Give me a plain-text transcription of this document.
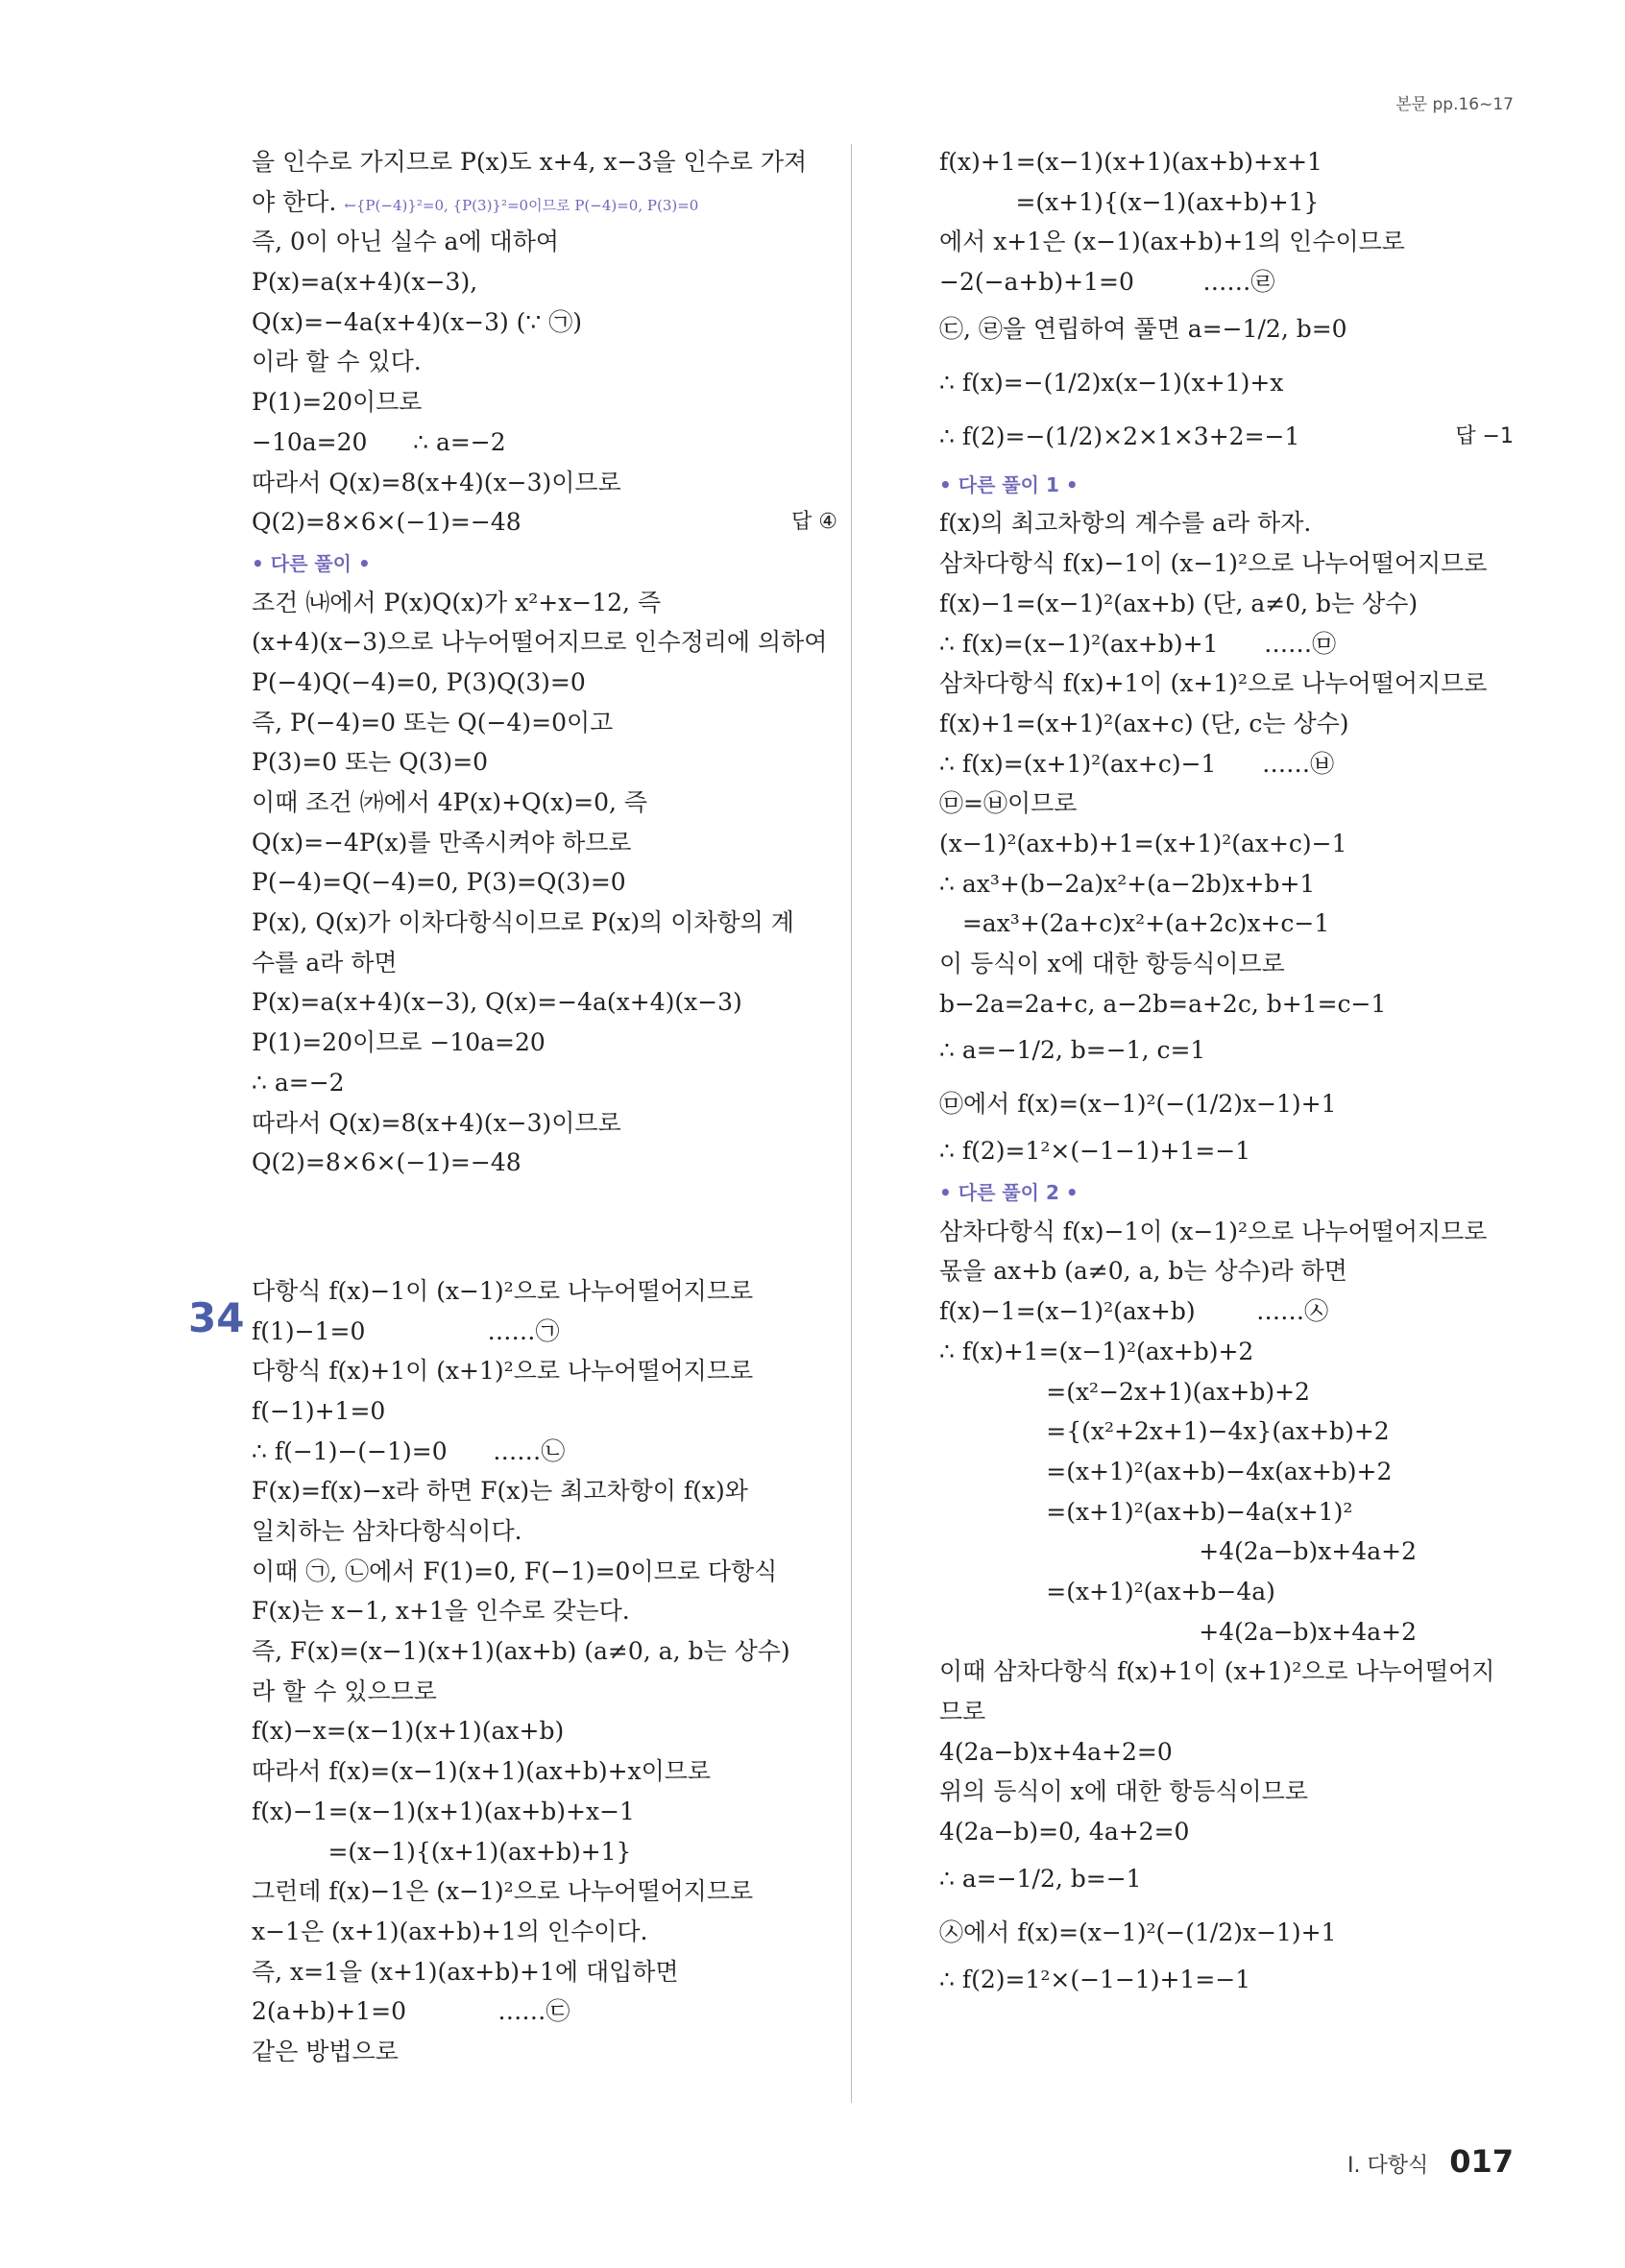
본문 pp.16~17
을 인수로 가지므로 P(x)도 x+4, x−3을 인수로 가져
야 한다. ←{P(−4)}²=0, {P(3)}²=0이므로 P(−4)=0, P(3)=0
즉, 0이 아닌 실수 a에 대하여
P(x)=a(x+4)(x−3),
Q(x)=−4a(x+4)(x−3) (∵ ㉠)
이라 할 수 있다.
P(1)=20이므로
−10a=20      ∴ a=−2
따라서 Q(x)=8(x+4)(x−3)이므로
Q(2)=8×6×(−1)=−48	답 ④
• 다른 풀이 •
조건 ㈏에서 P(x)Q(x)가 x²+x−12, 즉
(x+4)(x−3)으로 나누어떨어지므로 인수정리에 의하여
P(−4)Q(−4)=0, P(3)Q(3)=0
즉, P(−4)=0 또는 Q(−4)=0이고
P(3)=0 또는 Q(3)=0
이때 조건 ㈎에서 4P(x)+Q(x)=0, 즉
Q(x)=−4P(x)를 만족시켜야 하므로
P(−4)=Q(−4)=0, P(3)=Q(3)=0
P(x), Q(x)가 이차다항식이므로 P(x)의 이차항의 계
수를 a라 하면
P(x)=a(x+4)(x−3), Q(x)=−4a(x+4)(x−3)
P(1)=20이므로 −10a=20
∴ a=−2
따라서 Q(x)=8(x+4)(x−3)이므로
Q(2)=8×6×(−1)=−48
다항식 f(x)−1이 (x−1)²으로 나누어떨어지므로
f(1)−1=0                ……㉠
다항식 f(x)+1이 (x+1)²으로 나누어떨어지므로
f(−1)+1=0
∴ f(−1)−(−1)=0      ……㉡
F(x)=f(x)−x라 하면 F(x)는 최고차항이 f(x)와
일치하는 삼차다항식이다.
이때 ㉠, ㉡에서 F(1)=0, F(−1)=0이므로 다항식
F(x)는 x−1, x+1을 인수로 갖는다.
즉, F(x)=(x−1)(x+1)(ax+b) (a≠0, a, b는 상수)
라 할 수 있으므로
f(x)−x=(x−1)(x+1)(ax+b)
따라서 f(x)=(x−1)(x+1)(ax+b)+x이므로
f(x)−1=(x−1)(x+1)(ax+b)+x−1
=(x−1){(x+1)(ax+b)+1}
그런데 f(x)−1은 (x−1)²으로 나누어떨어지므로
x−1은 (x+1)(ax+b)+1의 인수이다.
즉, x=1을 (x+1)(ax+b)+1에 대입하면
2(a+b)+1=0            ……㉢
같은 방법으로
34
f(x)+1=(x−1)(x+1)(ax+b)+x+1
=(x+1){(x−1)(ax+b)+1}
에서 x+1은 (x−1)(ax+b)+1의 인수이므로
−2(−a+b)+1=0         ……㉣
㉢, ㉣을 연립하여 풀면 a=−1/2, b=0
∴ f(x)=−(1/2)x(x−1)(x+1)+x
∴ f(2)=−(1/2)×2×1×3+2=−1	답 −1
• 다른 풀이 1 •
f(x)의 최고차항의 계수를 a라 하자.
삼차다항식 f(x)−1이 (x−1)²으로 나누어떨어지므로
f(x)−1=(x−1)²(ax+b) (단, a≠0, b는 상수)
∴ f(x)=(x−1)²(ax+b)+1      ……㉤
삼차다항식 f(x)+1이 (x+1)²으로 나누어떨어지므로
f(x)+1=(x+1)²(ax+c) (단, c는 상수)
∴ f(x)=(x+1)²(ax+c)−1      ……㉥
㉤=㉥이므로
(x−1)²(ax+b)+1=(x+1)²(ax+c)−1
∴ ax³+(b−2a)x²+(a−2b)x+b+1
=ax³+(2a+c)x²+(a+2c)x+c−1
이 등식이 x에 대한 항등식이므로
b−2a=2a+c, a−2b=a+2c, b+1=c−1
∴ a=−1/2, b=−1, c=1
㉤에서 f(x)=(x−1)²(−(1/2)x−1)+1
∴ f(2)=1²×(−1−1)+1=−1
• 다른 풀이 2 •
삼차다항식 f(x)−1이 (x−1)²으로 나누어떨어지므로
몫을 ax+b (a≠0, a, b는 상수)라 하면
f(x)−1=(x−1)²(ax+b)        ……㉦
∴ f(x)+1=(x−1)²(ax+b)+2
=(x²−2x+1)(ax+b)+2
={(x²+2x+1)−4x}(ax+b)+2
=(x+1)²(ax+b)−4x(ax+b)+2
=(x+1)²(ax+b)−4a(x+1)²
+4(2a−b)x+4a+2
=(x+1)²(ax+b−4a)
+4(2a−b)x+4a+2
이때 삼차다항식 f(x)+1이 (x+1)²으로 나누어떨어지
므로
4(2a−b)x+4a+2=0
위의 등식이 x에 대한 항등식이므로
4(2a−b)=0, 4a+2=0
∴ a=−1/2, b=−1
㉦에서 f(x)=(x−1)²(−(1/2)x−1)+1
∴ f(2)=1²×(−1−1)+1=−1
Ⅰ. 다항식 017
